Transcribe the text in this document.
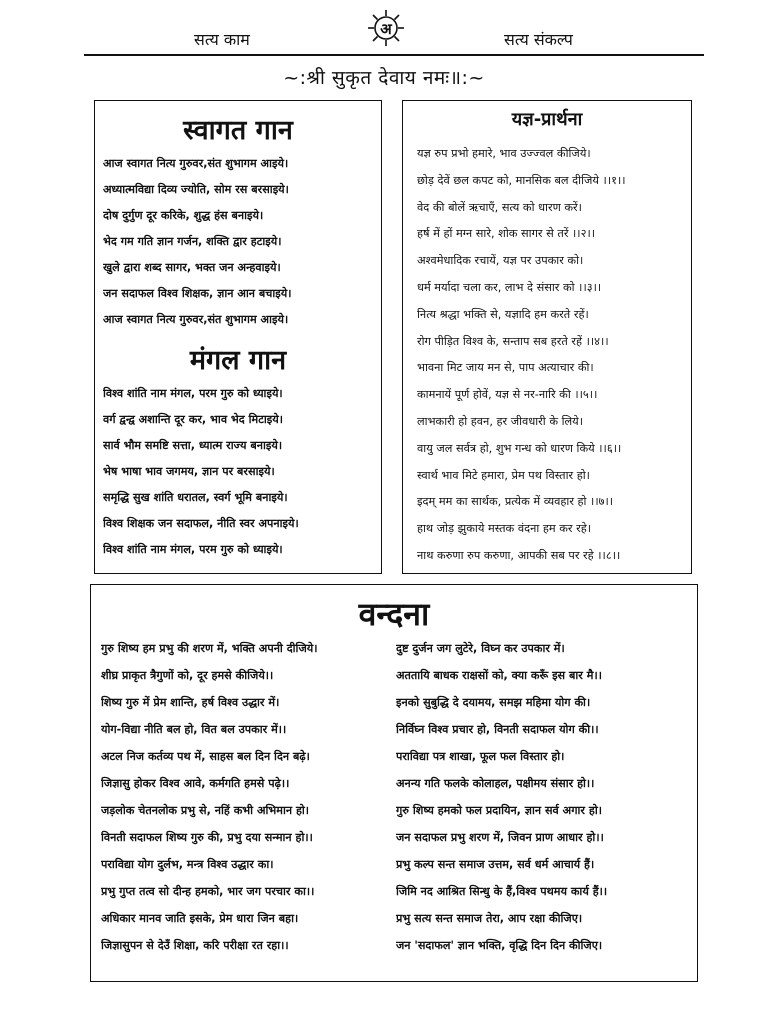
सत्य काम
अ
सत्य संकल्प
~:श्री सुकृत देवाय नमः॥:~
स्वागत गान
आज स्वागत नित्य गुरुवर,संत शुभागम आइये।
अध्यात्मविद्या दिव्य ज्योति, सोम रस बरसाइये।
दोष दुर्गुण दूर करिके, शुद्ध हंस बनाइये।
भेद गम गति ज्ञान गर्जन, शक्ति द्वार हटाइये।
खुले द्वारा शब्द सागर, भक्त जन अन्हवाइये।
जन सदाफल विश्व शिक्षक, ज्ञान आन बचाइये।
आज स्वागत नित्य गुरुवर,संत शुभागम आइये।
मंगल गान
विश्व शांति नाम मंगल, परम गुरु को ध्याइये।
वर्ग द्वन्द्व अशान्ति दूर कर, भाव भेद मिटाइये।
सार्व भौम समष्टि सत्ता, ध्यात्म राज्य बनाइये।
भेष भाषा भाव जगमय, ज्ञान पर बरसाइये।
समृद्धि सुख शांति धरातल, स्वर्ग भूमि बनाइये।
विश्व शिक्षक जन सदाफल, नीति स्वर अपनाइये।
विश्व शांति नाम मंगल, परम गुरु को ध्याइये।
यज्ञ-प्रार्थना
यज्ञ रुप प्रभो हमारे, भाव उज्ज्वल कीजिये।
छोड़ देवें छल कपट को, मानसिक बल दीजिये ।।१।।
वेद की बोलें ऋचाएँ, सत्य को धारण करें।
हर्ष में हों मग्न सारे, शोक सागर से तरें ।।२।।
अश्वमेधादिक रचायें, यज्ञ पर उपकार को।
धर्म मर्यादा चला कर, लाभ दे संसार को ।।३।।
नित्य श्रद्धा भक्ति से, यज्ञादि हम करते रहें।
रोग पीड़ित विश्व के, सन्ताप सब हरते रहें ।।४।।
भावना मिट जाय मन से, पाप अत्याचार की।
कामनायें पूर्ण होवें, यज्ञ से नर-नारि की ।।५।।
लाभकारी हो हवन, हर जीवधारी के लिये।
वायु जल सर्वत्र हो, शुभ गन्ध को धारण किये ।।६।।
स्वार्थ भाव मिटे हमारा, प्रेम पथ विस्तार हो।
इदम् मम का सार्थक, प्रत्येक में व्यवहार हो ।।७।।
हाथ जोड़ झुकाये मस्तक वंदना हम कर रहे।
नाथ करुणा रुप करुणा, आपकी सब पर रहे ।।८।।
वन्दना
गुरु शिष्य हम प्रभु की शरण में, भक्ति अपनी दीजिये।
शीघ्र प्राकृत त्रैगुणों को, दूर हमसे कीजिये।।
शिष्य गुरु में प्रेम शान्ति, हर्ष विश्व उद्धार में।
योग-विद्या नीति बल हो, वित बल उपकार में।।
अटल निज कर्तव्य पथ में, साहस बल दिन दिन बढ़े।
जिज्ञासु होकर विश्व आवे, कर्मगति हमसे पढ़े।।
जड़लोक चेतनलोक प्रभु से, नहिं कभी अभिमान हो।
विनती सदाफल शिष्य गुरु की, प्रभु दया सन्मान हो।।
पराविद्या योग दुर्लभ, मन्त्र विश्व उद्धार का।
प्रभु गुप्त तत्व सो दीन्ह हमको, भार जग परचार का।।
अधिकार मानव जाति इसके, प्रेम धारा जिन बहा।
जिज्ञासुपन से देउँ शिक्षा, करि परीक्षा रत रहा।।
दुष्ट दुर्जन जग लुटेरे, विघ्न कर उपकार में।
अततायि बाधक राक्षसों को, क्या करूँ इस बार मै।।
इनको सुबुद्धि दे दयामय, समझ महिमा योग की।
निर्विघ्न विश्व प्रचार हो, विनती सदाफल योग की।।
पराविद्या पत्र शाखा, फूल फल विस्तार हो।
अनन्य गति फलके कोलाहल, पक्षीमय संसार हो।।
गुरु शिष्य हमको फल प्रदायिन, ज्ञान सर्व अगार हो।
जन सदाफल प्रभु शरण में, जिवन प्राण आधार हो।।
प्रभु कल्प सन्त समाज उत्तम, सर्व धर्म आचार्य हैं।
जिमि नद आश्रित सिन्धु के हैं,विश्व पथमय कार्य हैं।।
प्रभु सत्य सन्त समाज तेरा, आप रक्षा कीजिए।
जन 'सदाफल' ज्ञान भक्ति, वृद्धि दिन दिन कीजिए।
